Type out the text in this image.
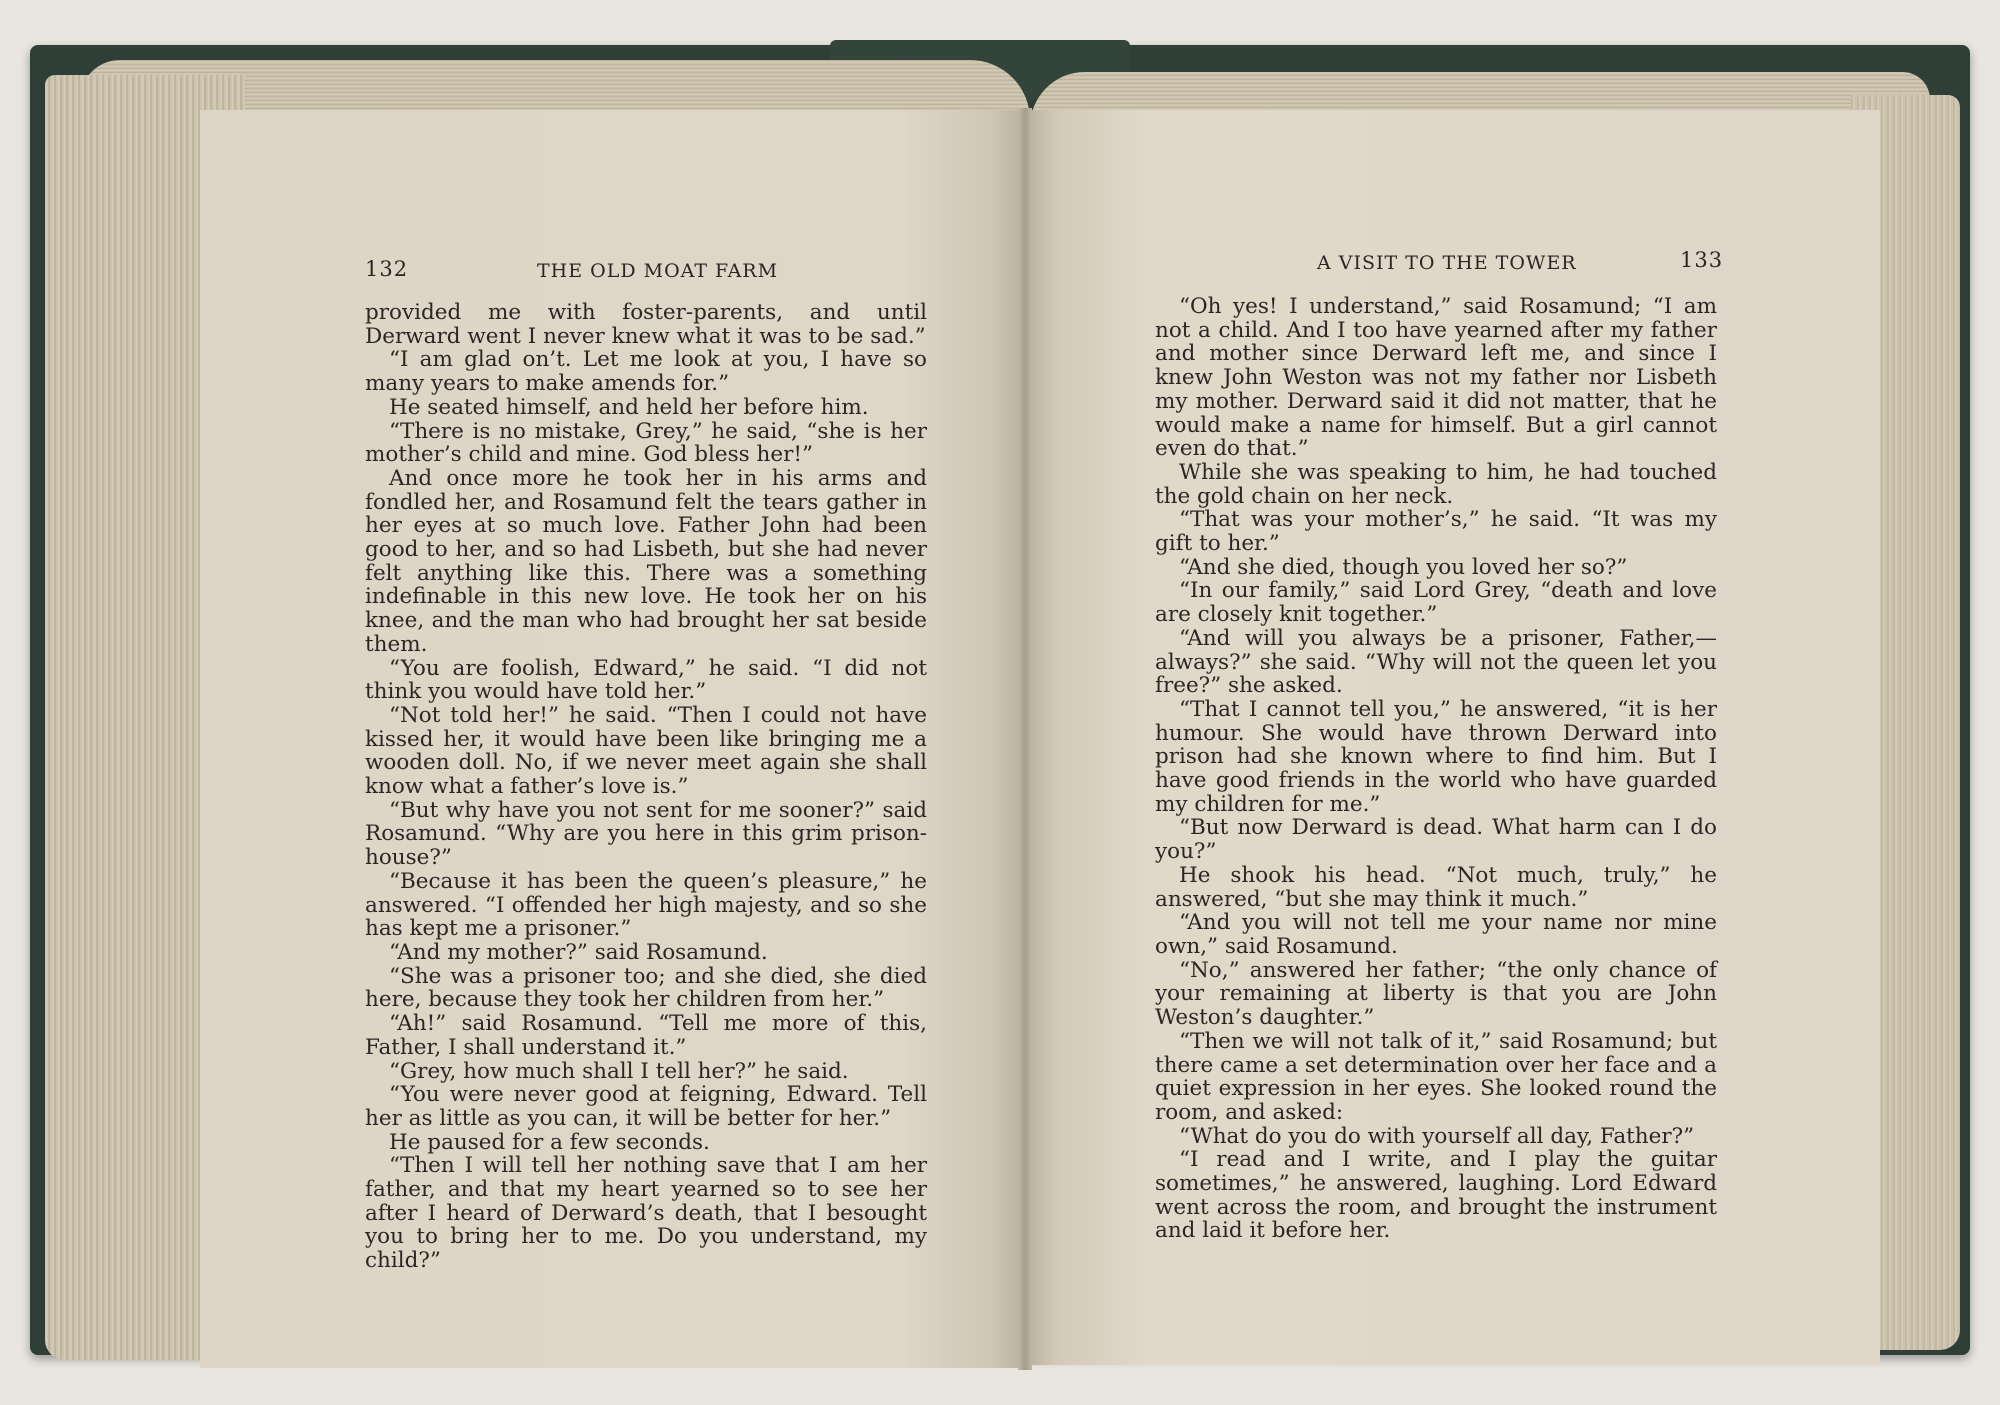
132	THE OLD MOAT FARM

provided me with foster-parents, and until Derward went I never knew what it was to be sad.”

“I am glad on’t. Let me look at you, I have so many years to make amends for.”

He seated himself, and held her before him.

“There is no mistake, Grey,” he said, “she is her mother’s child and mine. God bless her!”

And once more he took her in his arms and fondled her, and Rosamund felt the tears gather in her eyes at so much love. Father John had been good to her, and so had Lisbeth, but she had never felt anything like this. There was a something indefinable in this new love. He took her on his knee, and the man who had brought her sat beside them.

“You are foolish, Edward,” he said. “I did not think you would have told her.”

“Not told her!” he said. “Then I could not have kissed her, it would have been like bringing me a wooden doll. No, if we never meet again she shall know what a father’s love is.”

“But why have you not sent for me sooner?” said Rosamund. “Why are you here in this grim prison-house?”

“Because it has been the queen’s pleasure,” he answered. “I offended her high majesty, and so she has kept me a prisoner.”

“And my mother?” said Rosamund.

“She was a prisoner too; and she died, she died here, because they took her children from her.”

“Ah!” said Rosamund. “Tell me more of this, Father, I shall understand it.”

“Grey, how much shall I tell her?” he said.

“You were never good at feigning, Edward. Tell her as little as you can, it will be better for her.”

He paused for a few seconds.

“Then I will tell her nothing save that I am her father, and that my heart yearned so to see her after I heard of Derward’s death, that I besought you to bring her to me. Do you understand, my child?”

A VISIT TO THE TOWER	133

“Oh yes! I understand,” said Rosamund; “I am not a child. And I too have yearned after my father and mother since Derward left me, and since I knew John Weston was not my father nor Lisbeth my mother. Derward said it did not matter, that he would make a name for himself. But a girl cannot even do that.”

While she was speaking to him, he had touched the gold chain on her neck.

“That was your mother’s,” he said. “It was my gift to her.”

“And she died, though you loved her so?”

“In our family,” said Lord Grey, “death and love are closely knit together.”

“And will you always be a prisoner, Father,—always?” she said. “Why will not the queen let you free?” she asked.

“That I cannot tell you,” he answered, “it is her humour. She would have thrown Derward into prison had she known where to find him. But I have good friends in the world who have guarded my children for me.”

“But now Derward is dead. What harm can I do you?”

He shook his head. “Not much, truly,” he answered, “but she may think it much.”

“And you will not tell me your name nor mine own,” said Rosamund.

“No,” answered her father; “the only chance of your remaining at liberty is that you are John Weston’s daughter.”

“Then we will not talk of it,” said Rosamund; but there came a set determination over her face and a quiet expression in her eyes. She looked round the room, and asked:

“What do you do with yourself all day, Father?”

“I read and I write, and I play the guitar sometimes,” he answered, laughing. Lord Edward went across the room, and brought the instrument and laid it before her.
